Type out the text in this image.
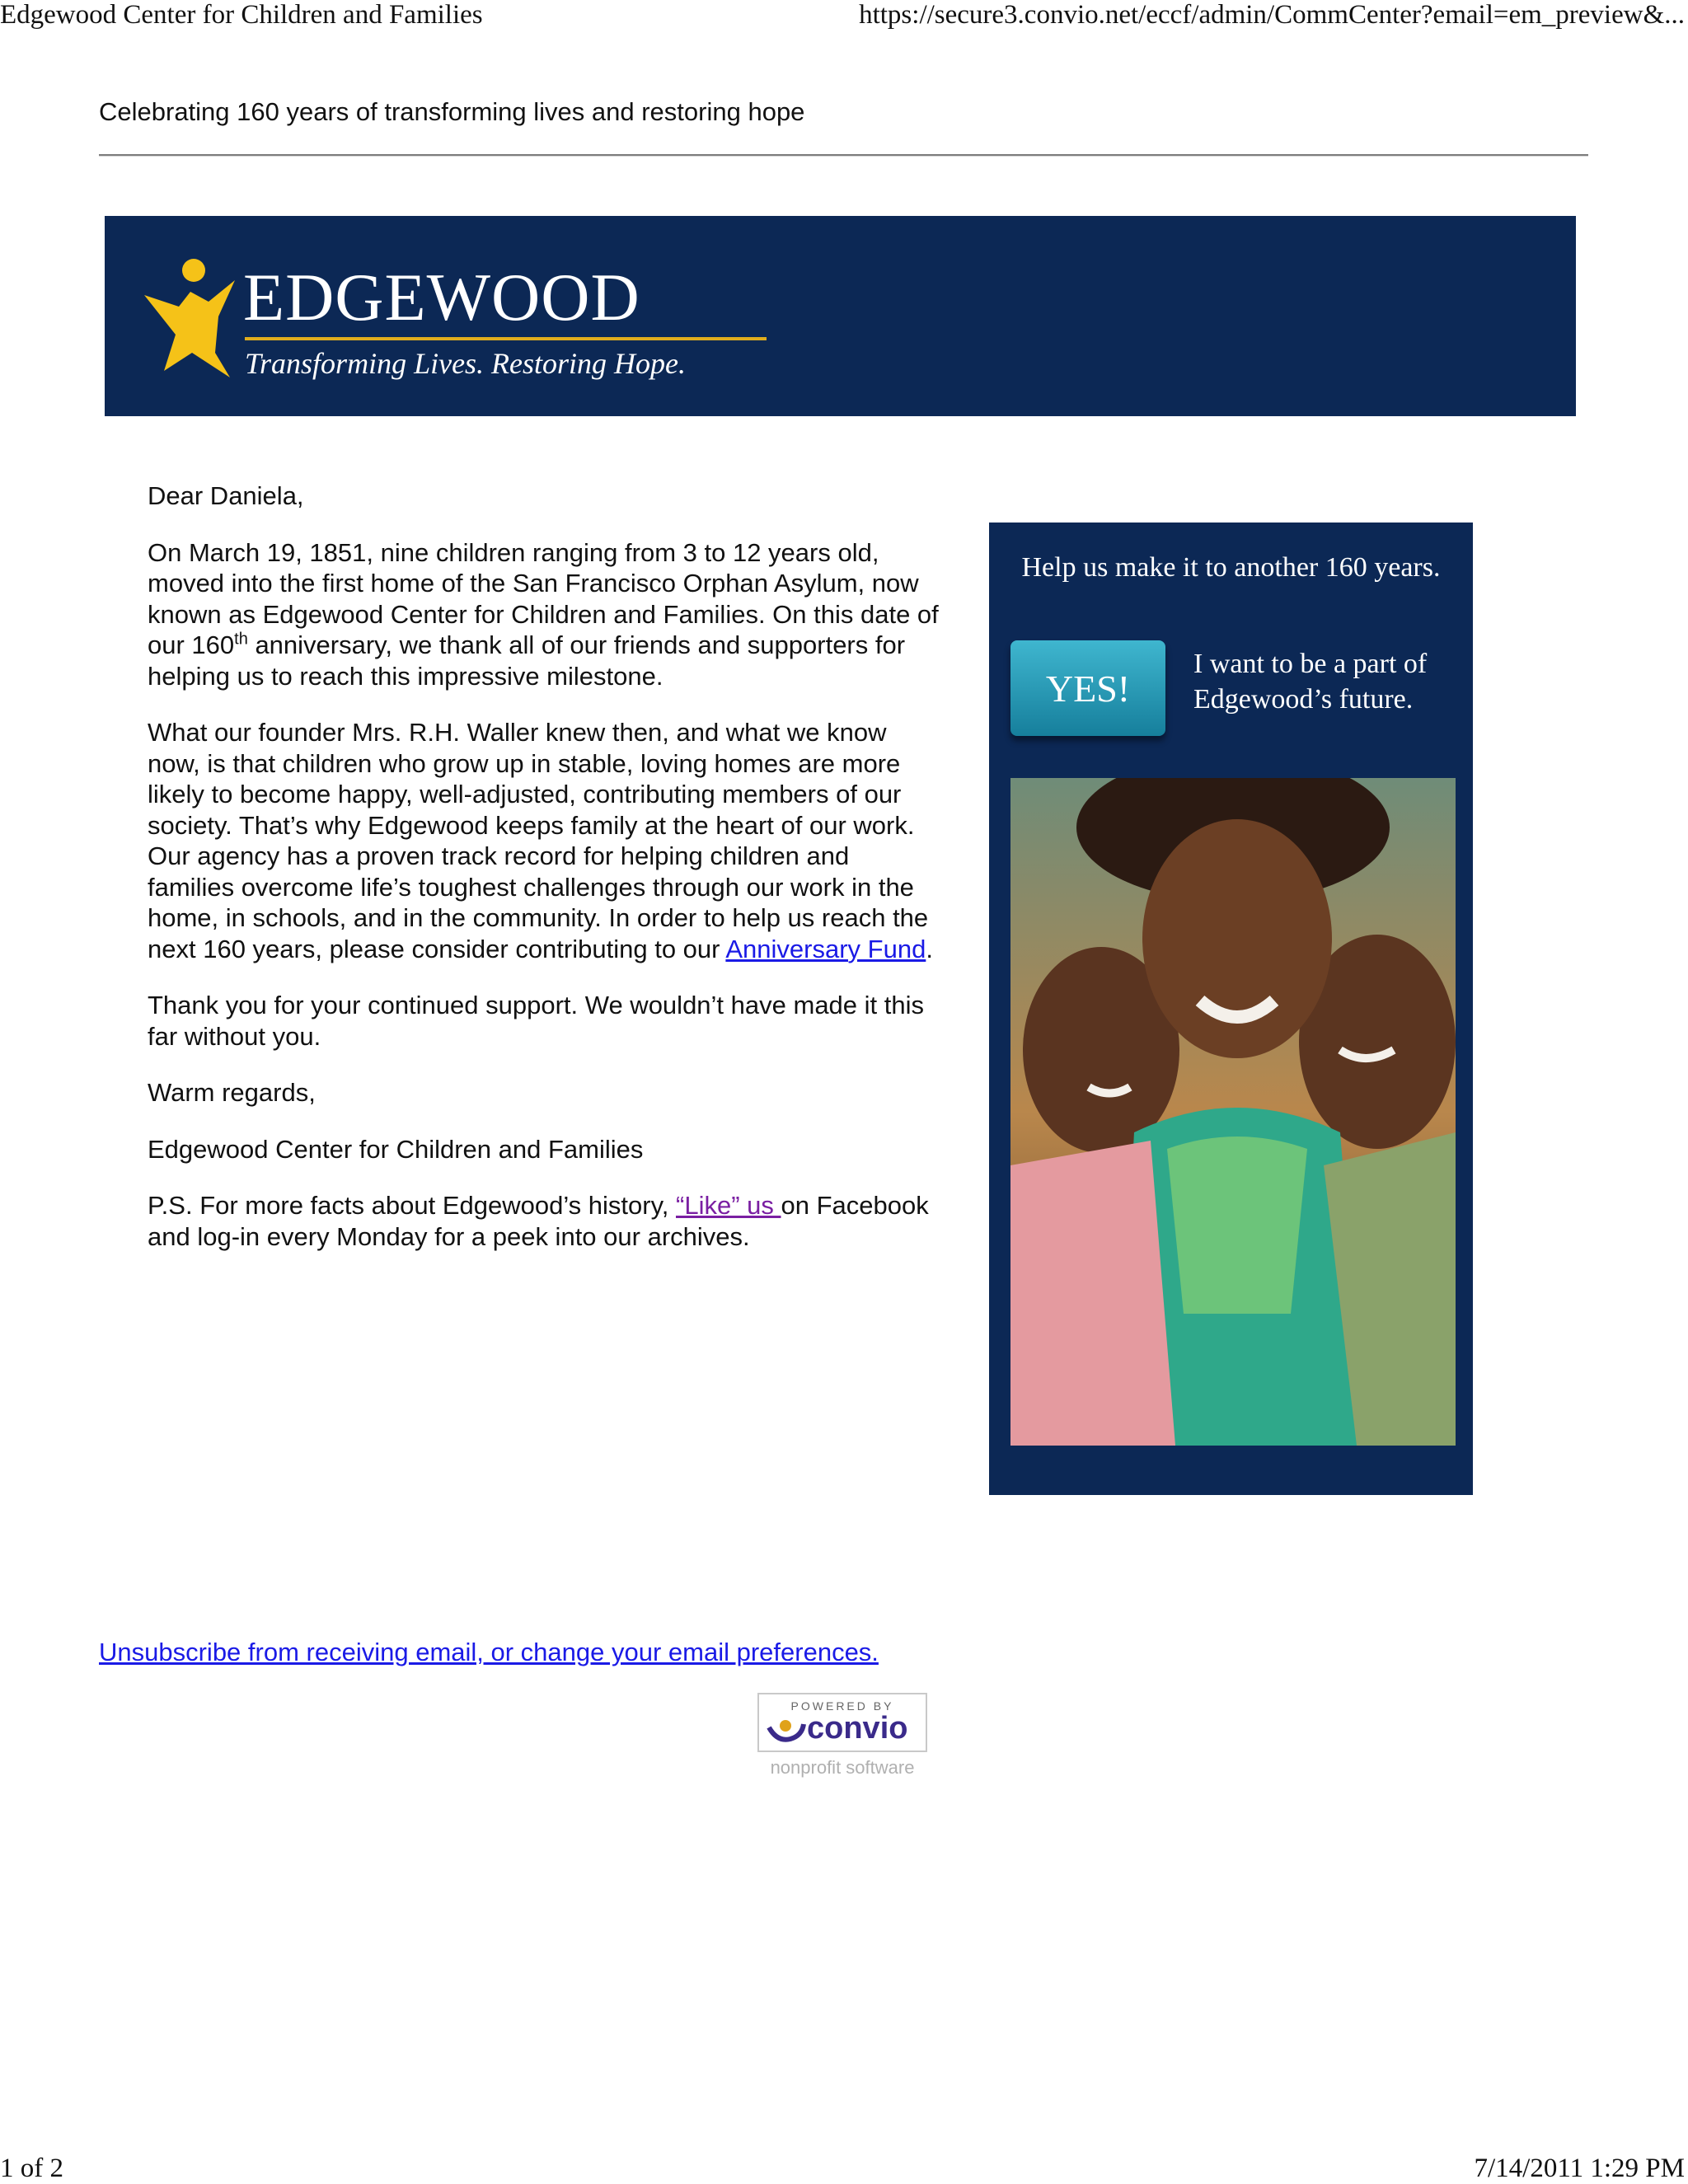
Edgewood Center for Children and Families	https://secure3.convio.net/eccf/admin/CommCenter?email=em_preview&...
Celebrating 160 years of transforming lives and restoring hope
EDGEWOOD
Transforming Lives. Restoring Hope.

Dear Daniela,

On March 19, 1851, nine children ranging from 3 to 12 years old, moved into the first home of the San Francisco Orphan Asylum, now known as Edgewood Center for Children and Families. On this date of our 160th anniversary, we thank all of our friends and supporters for helping us to reach this impressive milestone.

What our founder Mrs. R.H. Waller knew then, and what we know now, is that children who grow up in stable, loving homes are more likely to become happy, well-adjusted, contributing members of our society. That’s why Edgewood keeps family at the heart of our work. Our agency has a proven track record for helping children and families overcome life’s toughest challenges through our work in the home, in schools, and in the community. In order to help us reach the next 160 years, please consider contributing to our Anniversary Fund.

Thank you for your continued support. We wouldn’t have made it this far without you.

Warm regards,

Edgewood Center for Children and Families

P.S. For more facts about Edgewood’s history, “Like” us on Facebook and log-in every Monday for a peek into our archives.

Help us make it to another 160 years.
YES!
I want to be a part of Edgewood’s future.
Unsubscribe from receiving email, or change your email preferences.
POWERED BY
convio
nonprofit software
1 of 2	7/14/2011 1:29 PM
